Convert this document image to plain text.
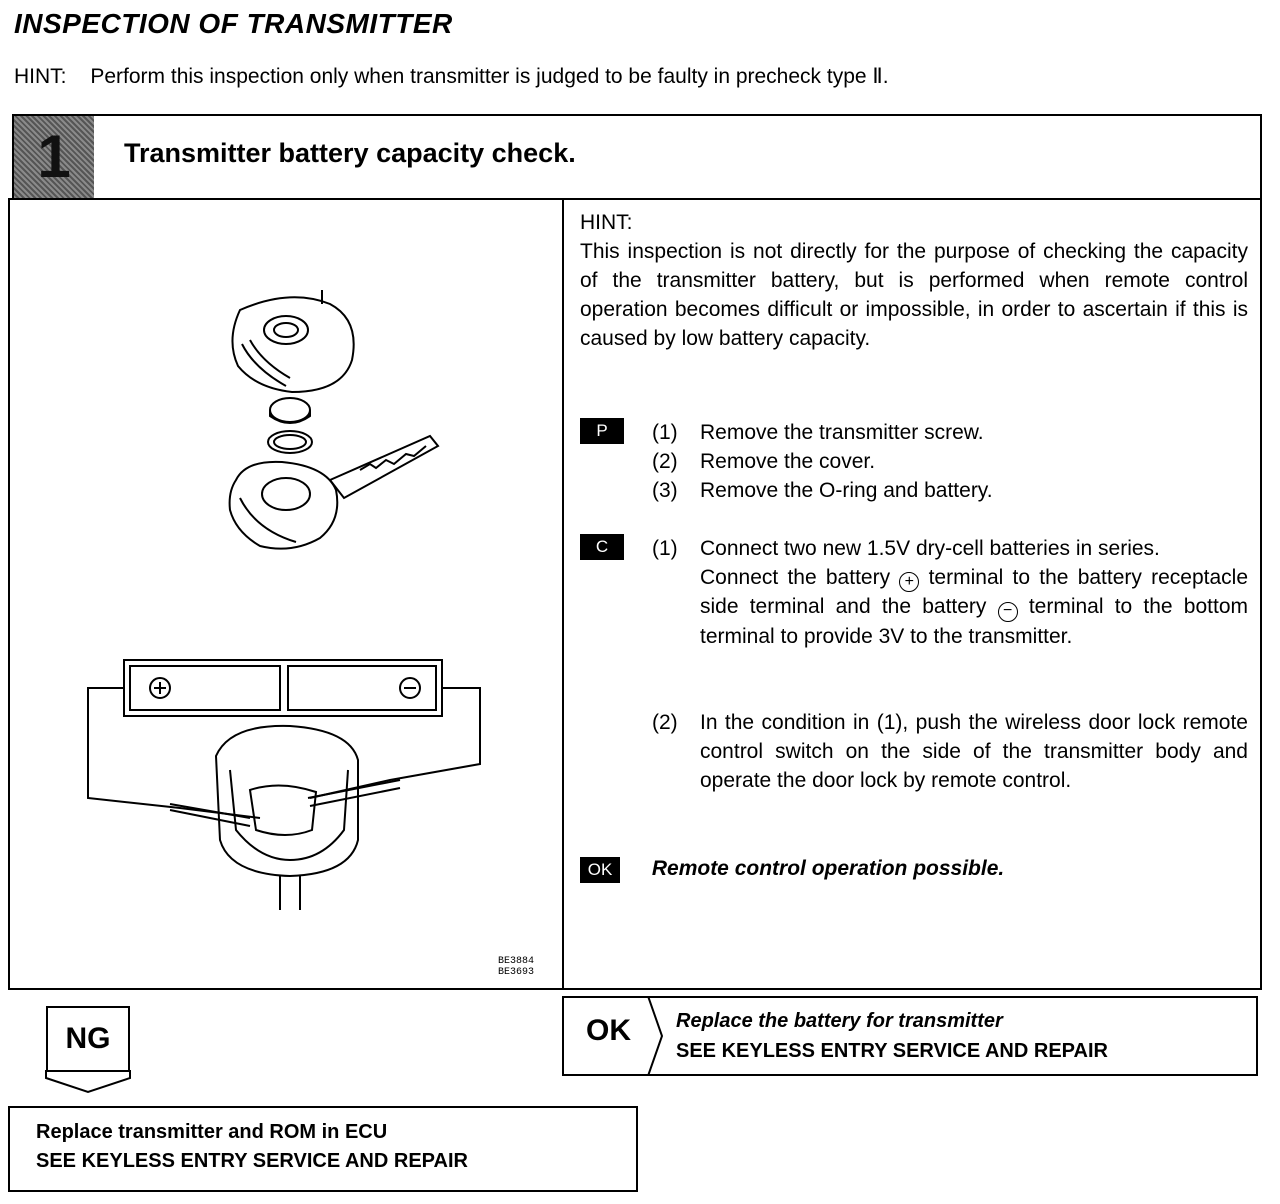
INSPECTION OF TRANSMITTER
HINT: Perform this inspection only when transmitter is judged to be faulty in precheck type Ⅱ.
1	Transmitter battery capacity check.
BE3884
BE3693

HINT:

This inspection is not directly for the purpose of checking the capacity of the transmitter battery, but is performed when remote control operation becomes difficult or impossible, in order to ascertain if this is caused by low battery capacity.

P	(1)	Remove the transmitter screw.
(2)	Remove the cover.
(3)	Remove the O-ring and battery.
C	(1)	Connect two new 1.5V dry-cell batteries in series.
Connect the battery + terminal to the battery receptacle side terminal and the battery − terminal to the bottom terminal to provide 3V to the transmitter.
(2)	In the condition in (1), push the wireless door lock remote control switch on the side of the transmitter body and operate the door lock by remote control.
OK Remote control operation possible.
NG	OK Replace the battery for transmitter
SEE KEYLESS ENTRY SERVICE AND REPAIR
Replace transmitter and ROM in ECU
SEE KEYLESS ENTRY SERVICE AND REPAIR
